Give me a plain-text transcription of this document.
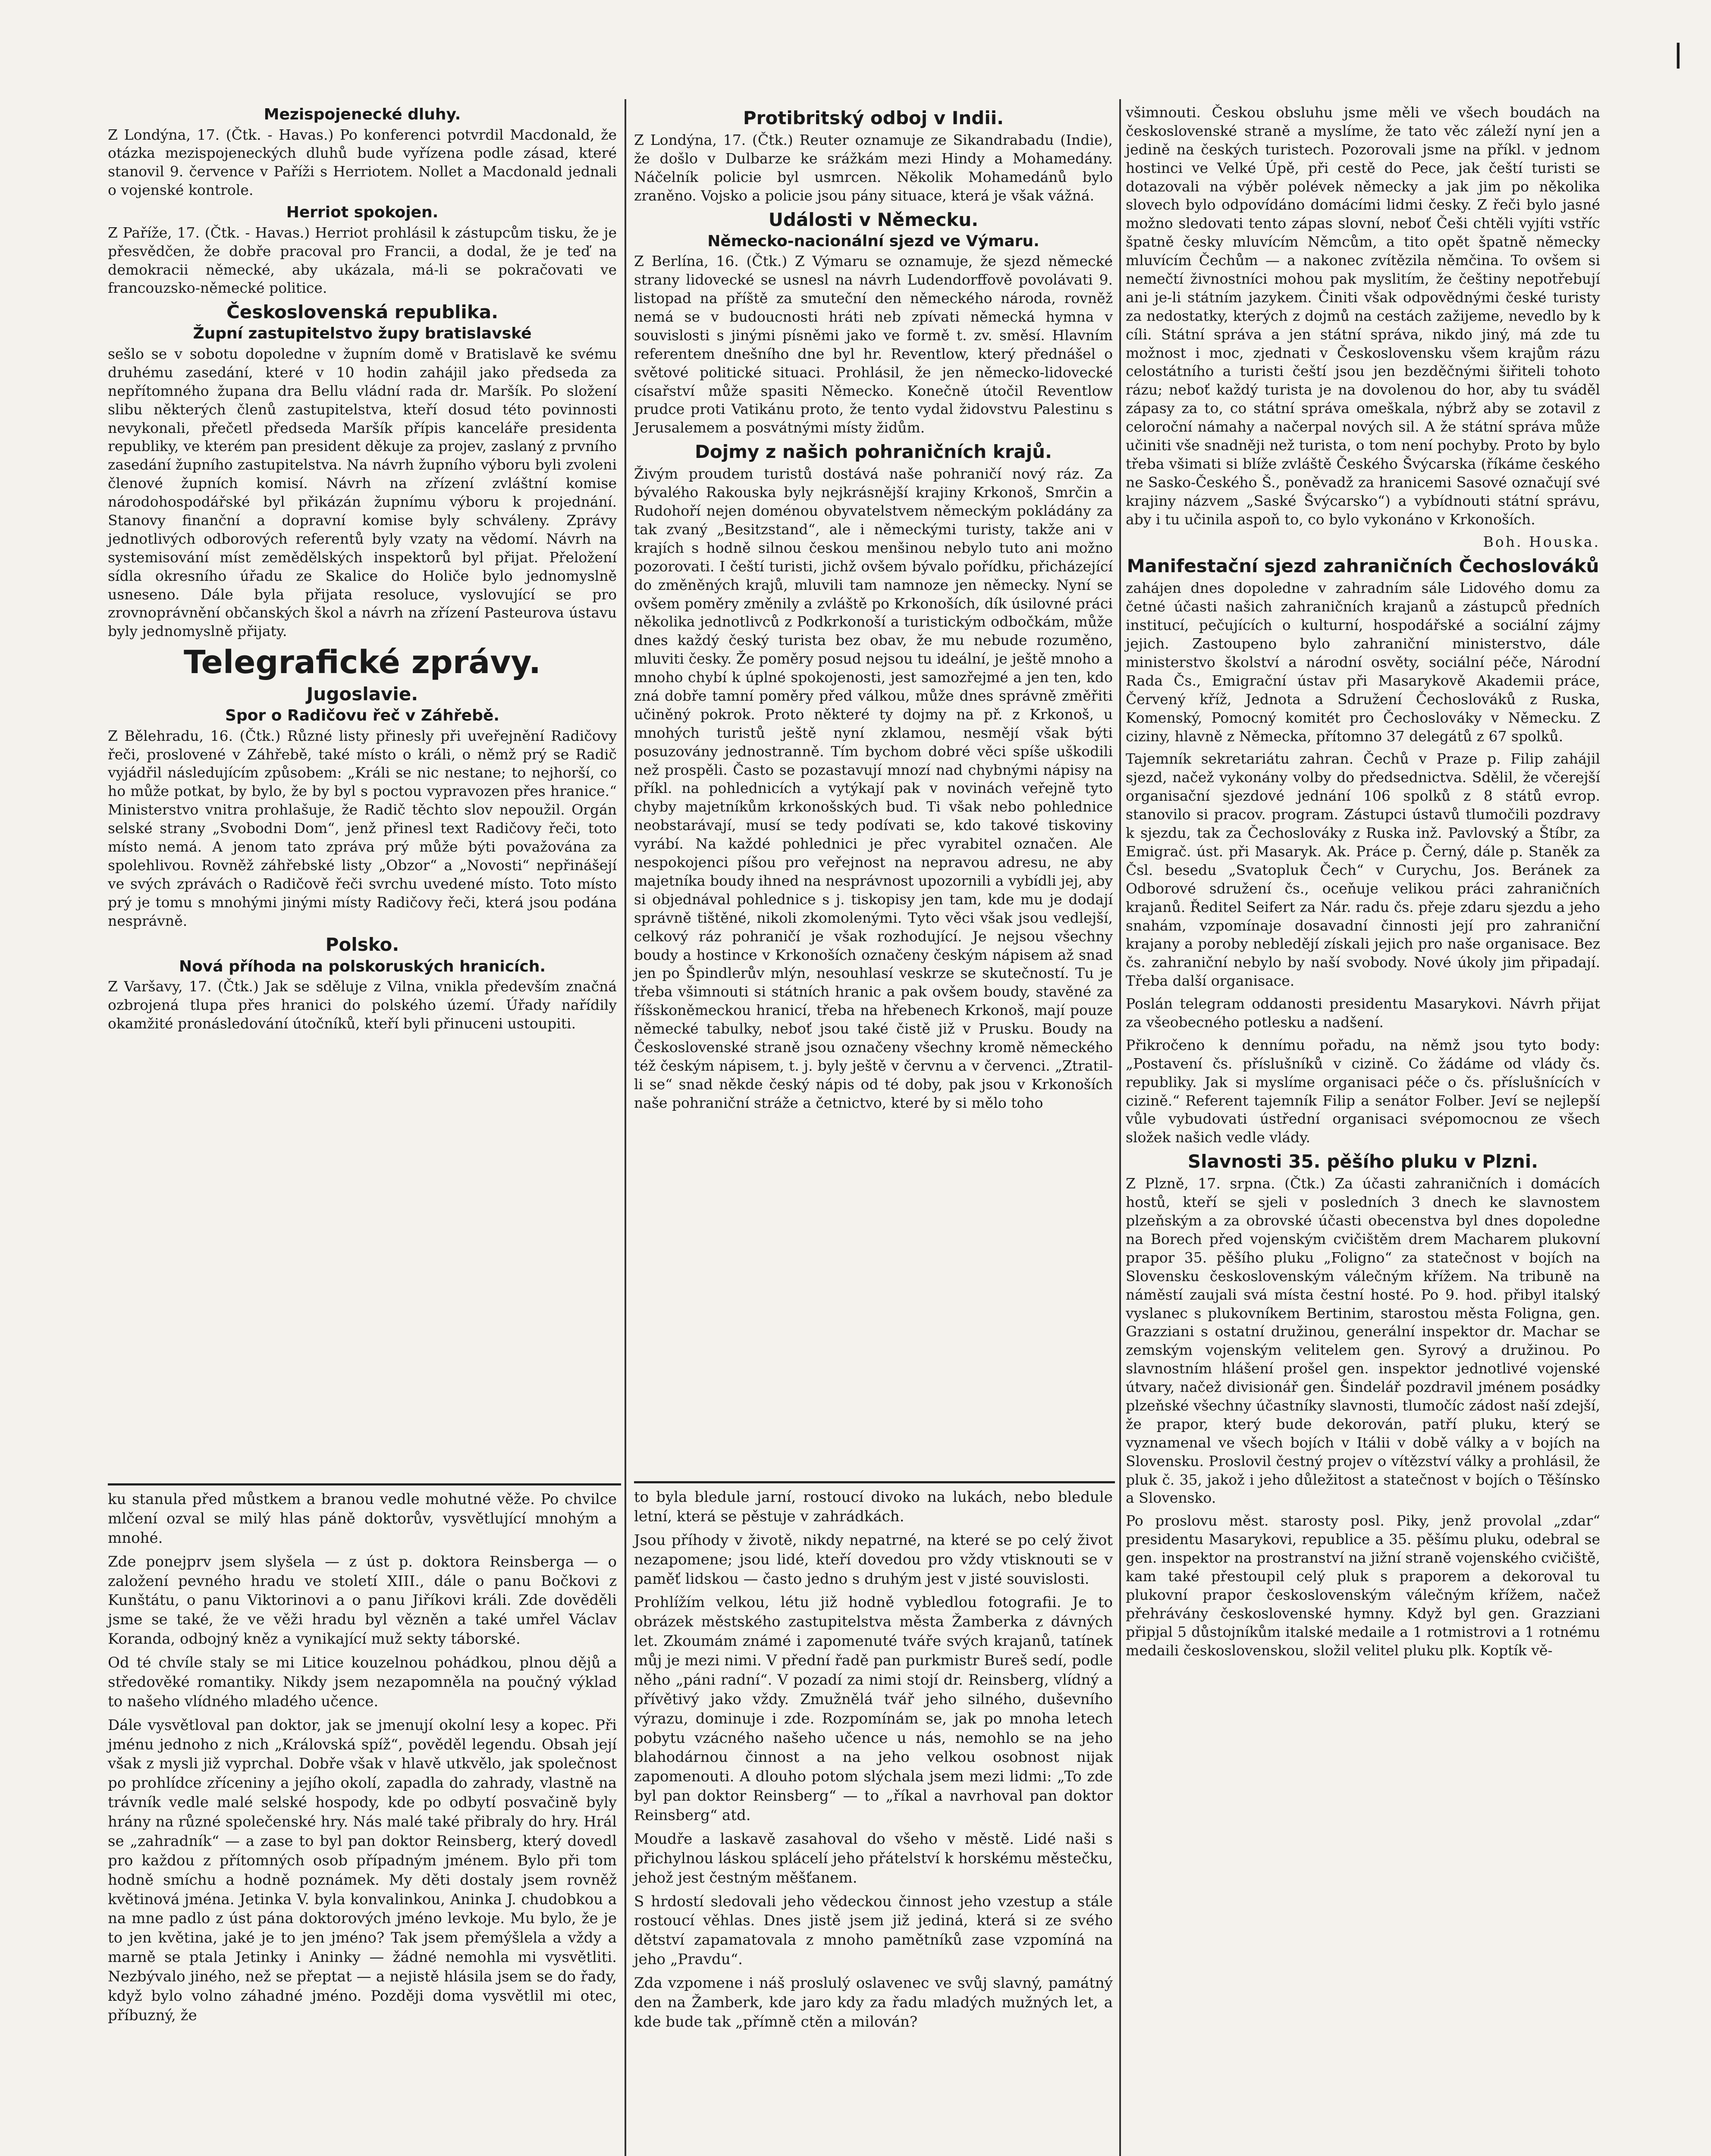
|
Mezispojenecké dluhy.

Z Londýna, 17. (Čtk. - Havas.) Po konferenci potvrdil Macdonald, že otázka mezispojeneckých dluhů bude vyřízena podle zásad, které stanovil 9. července v Paříži s Herriotem. Nollet a Macdonald jednali o vojenské kontrole.

Herriot spokojen.

Z Paříže, 17. (Čtk. - Havas.) Herriot prohlásil k zástupcům tisku, že je přesvědčen, že dobře pracoval pro Francii, a dodal, že je teď na demokracii německé, aby ukázala, má-li se pokračovati ve francouzsko-německé politice.

Československá republika.
Župní zastupitelstvo župy bratislavské

sešlo se v sobotu dopoledne v župním domě v Bratislavě ke svému druhému zasedání, které v 10 hodin zahájil jako předseda za nepřítomného župana dra Bellu vládní rada dr. Maršík. Po složení slibu některých členů zastupitelstva, kteří dosud této povinnosti nevykonali, přečetl předseda Maršík přípis kanceláře presidenta republiky, ve kterém pan president děkuje za projev, zaslaný z prvního zasedání župního zastupitelstva. Na návrh župního výboru byli zvoleni členové župních komisí. Návrh na zřízení zvláštní komise národohospodářské byl přikázán župnímu výboru k projednání. Stanovy finanční a dopravní komise byly schváleny. Zprávy jednotlivých odborových referentů byly vzaty na vědomí. Návrh na systemisování míst zemědělských inspektorů byl přijat. Přeložení sídla okresního úřadu ze Skalice do Holiče bylo jednomyslně usneseno. Dále byla přijata resoluce, vyslovující se pro zrovnoprávnění občanských škol a návrh na zřízení Pasteurova ústavu byly jednomyslně přijaty.

Telegrafické zprávy.
Jugoslavie.
Spor o Radičovu řeč v Záhřebě.

Z Bělehradu, 16. (Čtk.) Různé listy přinesly při uveřejnění Radičovy řeči, proslovené v Záhřebě, také místo o králi, o němž prý se Radič vyjádřil následujícím způsobem: „Králi se nic nestane; to nejhorší, co ho může potkat, by bylo, že by byl s poctou vypravozen přes hranice.“ Ministerstvo vnitra prohlašuje, že Radič těchto slov nepoužil. Orgán selské strany „Svobodni Dom“, jenž přinesl text Radičovy řeči, toto místo nemá. A jenom tato zpráva prý může býti považována za spolehlivou. Rovněž záhřebské listy „Obzor“ a „Novosti“ nepřinášejí ve svých zprávách o Radičově řeči svrchu uvedené místo. Toto místo prý je tomu s mnohými jinými místy Radičovy řeči, která jsou podána nesprávně.

Polsko.
Nová příhoda na polskoruských hranicích.

Z Varšavy, 17. (Čtk.) Jak se sděluje z Vilna, vnikla především značná ozbrojená tlupa přes hranici do polského území. Úřady nařídily okamžité pronásledování útočníků, kteří byli přinuceni ustoupiti.

Protibritský odboj v Indii.

Z Londýna, 17. (Čtk.) Reuter oznamuje ze Sikandrabadu (Indie), že došlo v Dulbarze ke srážkám mezi Hindy a Mohamedány. Náčelník policie byl usmrcen. Několik Mohamedánů bylo zraněno. Vojsko a policie jsou pány situace, která je však vážná.

Události v Německu.
Německo-nacionální sjezd ve Výmaru.

Z Berlína, 16. (Čtk.) Z Výmaru se oznamuje, že sjezd německé strany lidovecké se usnesl na návrh Ludendorffově povolávati 9. listopad na příště za smuteční den německého národa, rovněž nemá se v budoucnosti hráti neb zpívati německá hymna v souvislosti s jinými písněmi jako ve formě t. zv. směsí. Hlavním referentem dnešního dne byl hr. Reventlow, který přednášel o světové politické situaci. Prohlásil, že jen německo-lidovecké císařství může spasiti Německo. Konečně útočil Reventlow prudce proti Vatikánu proto, že tento vydal židovstvu Palestinu s Jerusalemem a posvátnými místy židům.

Dojmy z našich pohraničních krajů.

Živým proudem turistů dostává naše pohraničí nový ráz. Za bývalého Rakouska byly nejkrásnější krajiny Krkonoš, Smrčin a Rudohoří nejen doménou obyvatelstvem německým pokládány za tak zvaný „Besitzstand“, ale i německými turisty, takže ani v krajích s hodně silnou českou menšinou nebylo tuto ani možno pozorovati. I čeští turisti, jichž ovšem bývalo pořídku, přicházející do změněných krajů, mluvili tam namnoze jen německy. Nyní se ovšem poměry změnily a zvláště po Krkonoších, dík úsilovné práci několika jednotlivců z Podkrkonoší a turistickým odbočkám, může dnes každý český turista bez obav, že mu nebude rozuměno, mluviti česky. Že poměry posud nejsou tu ideální, je ještě mnoho a mnoho chybí k úplné spokojenosti, jest samozřejmé a jen ten, kdo zná dobře tamní poměry před válkou, může dnes správně změřiti učiněný pokrok. Proto některé ty dojmy na př. z Krkonoš, u mnohých turistů ještě nyní zklamou, nesmějí však býti posuzovány jednostranně. Tím bychom dobré věci spíše uškodili než prospěli. Často se pozastavují mnozí nad chybnými nápisy na příkl. na pohlednicích a vytýkají pak v novinách veřejně tyto chyby majetníkům krkonošských bud. Ti však nebo pohlednice neobstarávají, musí se tedy podívati se, kdo takové tiskoviny vyrábí. Na každé pohlednici je přec vyrabitel označen. Ale nespokojenci píšou pro veřejnost na nepravou adresu, ne aby majetníka boudy ihned na nesprávnost upozornili a vybídli jej, aby si objednával pohlednice s j. tiskopisy jen tam, kde mu je dodají správně tištěné, nikoli zkomolenými. Tyto věci však jsou vedlejší, celkový ráz pohraničí je však rozhodující. Je nejsou všechny boudy a hostince v Krkonoších označeny českým nápisem až snad jen po Špindlerův mlýn, nesouhlasí veskrze se skutečností. Tu je třeba všimnouti si státních hranic a pak ovšem boudy, stavěné za říšskoněmeckou hranicí, třeba na hřebenech Krkonoš, mají pouze německé tabulky, neboť jsou také čistě již v Prusku. Boudy na Československé straně jsou označeny všechny kromě německého též českým nápisem, t. j. byly ještě v červnu a v červenci. „Ztratil-li se“ snad někde český nápis od té doby, pak jsou v Krkonoších naše pohraniční stráže a četnictvo, které by si mělo toho

všimnouti. Českou obsluhu jsme měli ve všech boudách na československé straně a myslíme, že tato věc záleží nyní jen a jedině na českých turistech. Pozorovali jsme na příkl. v jednom hostinci ve Velké Úpě, při cestě do Pece, jak čeští turisti se dotazovali na výběr polévek německy a jak jim po několika slovech bylo odpovídáno domácími lidmi česky. Z řeči bylo jasné možno sledovati tento zápas slovní, neboť Češi chtěli vyjíti vstříc špatně česky mluvícím Němcům, a tito opět špatně německy mluvícím Čechům — a nakonec zvítězila němčina. To ovšem si nemečtí živnostníci mohou pak myslitím, že češtiny nepotřebují ani je-li státním jazykem. Činiti však odpovědnými české turisty za nedostatky, kterých z dojmů na cestách zažijeme, nevedlo by k cíli. Státní správa a jen státní správa, nikdo jiný, má zde tu možnost i moc, zjednati v Československu všem krajům rázu celostátního a turisti čeští jsou jen bezděčnými šiřiteli tohoto rázu; neboť každý turista je na dovolenou do hor, aby tu sváděl zápasy za to, co státní správa omeškala, nýbrž aby se zotavil z celoroční námahy a načerpal nových sil. A že státní správa může učiniti vše snadněji než turista, o tom není pochyby. Proto by bylo třeba všimati si blíže zvláště Českého Švýcarska (říkáme českého ne Sasko-Českého Š., poněvadž za hranicemi Sasové označují své krajiny názvem „Saské Švýcarsko“) a vybídnouti státní správu, aby i tu učinila aspoň to, co bylo vykonáno v Krkonoších.

Boh. Houska.

Manifestační sjezd zahraničních Čechoslováků

zahájen dnes dopoledne v zahradním sále Lidového domu za četné účasti našich zahraničních krajanů a zástupců předních institucí, pečujících o kulturní, hospodářské a sociální zájmy jejich. Zastoupeno bylo zahraniční ministerstvo, dále ministerstvo školství a národní osvěty, sociální péče, Národní Rada Čs., Emigrační ústav při Masarykově Akademii práce, Červený kříž, Jednota a Sdružení Čechoslováků z Ruska, Komenský, Pomocný komitét pro Čechoslováky v Německu. Z ciziny, hlavně z Německa, přítomno 37 delegátů z 67 spolků.

Tajemník sekretariátu zahran. Čechů v Praze p. Filip zahájil sjezd, načež vykonány volby do předsednictva. Sdělil, že včerejší organisační sjezdové jednání 106 spolků z 8 států evrop. stanovilo si pracov. program. Zástupci ústavů tlumočili pozdravy k sjezdu, tak za Čechoslováky z Ruska inž. Pavlovský a Štíbr, za Emigrač. úst. při Masaryk. Ak. Práce p. Černý, dále p. Staněk za Čsl. besedu „Svatopluk Čech“ v Curychu, Jos. Beránek za Odborové sdružení čs., oceňuje velikou práci zahraničních krajanů. Ředitel Seifert za Nár. radu čs. přeje zdaru sjezdu a jeho snahám, vzpomínaje dosavadní činnosti její pro zahraniční krajany a poroby nebledějí získali jejich pro naše organisace. Bez čs. zahraniční nebylo by naší svobody. Nové úkoly jim připadají. Třeba další organisace.

Poslán telegram oddanosti presidentu Masarykovi. Návrh přijat za všeobecného potlesku a nadšení.

Přikročeno k dennímu pořadu, na němž jsou tyto body: „Postavení čs. příslušníků v cizině. Co žádáme od vlády čs. republiky. Jak si myslíme organisaci péče o čs. příslušnících v cizině.“ Referent tajemník Filip a senátor Folber. Jeví se nejlepší vůle vybudovati ústřední organisaci svépomocnou ze všech složek našich vedle vlády.

Slavnosti 35. pěšího pluku v Plzni.

Z Plzně, 17. srpna. (Čtk.) Za účasti zahraničních i domácích hostů, kteří se sjeli v posledních 3 dnech ke slavnostem plzeňským a za obrovské účasti obecenstva byl dnes dopoledne na Borech před vojenským cvičištěm drem Macharem plukovní prapor 35. pěšího pluku „Foligno“ za statečnost v bojích na Slovensku československým válečným křížem. Na tribuně na náměstí zaujali svá místa čestní hosté. Po 9. hod. přibyl italský vyslanec s plukovníkem Bertinim, starostou města Foligna, gen. Grazziani s ostatní družinou, generální inspektor dr. Machar se zemským vojenským velitelem gen. Syrový a družinou. Po slavnostním hlášení prošel gen. inspektor jednotlivé vojenské útvary, načež divisionář gen. Šindelář pozdravil jménem posádky plzeňské všechny účastníky slavnosti, tlumočíc zádost naší zdejší, že prapor, který bude dekorován, patří pluku, který se vyznamenal ve všech bojích v Itálii v době války a v bojích na Slovensku. Proslovil čestný projev o vítězství války a prohlásil, že pluk č. 35, jakož i jeho důležitost a statečnost v bojích o Těšínsko a Slovensko.

Po proslovu měst. starosty posl. Piky, jenž provolal „zdar“ presidentu Masarykovi, republice a 35. pěšímu pluku, odebral se gen. inspektor na prostranství na jižní straně vojenského cvičiště, kam také přestoupil celý pluk s praporem a dekoroval tu plukovní prapor československým válečným křížem, načež přehrávány československé hymny. Když byl gen. Grazziani připjal 5 důstojníkům italské medaile a 1 rotmistrovi a 1 rotnému medaili československou, složil velitel pluku plk. Koptík vě-

ku stanula před můstkem a branou vedle mohutné věže. Po chvilce mlčení ozval se milý hlas páně doktorův, vysvětlující mnohým a mnohé.

Zde ponejprv jsem slyšela — z úst p. doktora Reinsberga — o založení pevného hradu ve století XIII., dále o panu Bočkovi z Kunštátu, o panu Viktorinovi a o panu Jiříkovi králi. Zde dověděli jsme se také, že ve věži hradu byl vězněn a také umřel Václav Koranda, odbojný kněz a vynikající muž sekty táborské.

Od té chvíle staly se mi Litice kouzelnou pohádkou, plnou dějů a středověké romantiky. Nikdy jsem nezapomněla na poučný výklad to našeho vlídného mladého učence.

Dále vysvětloval pan doktor, jak se jmenují okolní lesy a kopec. Při jménu jednoho z nich „Královská spíž“, pověděl legendu. Obsah její však z mysli již vyprchal. Dobře však v hlavě utkvělo, jak společnost po prohlídce zříceniny a jejího okolí, zapadla do zahrady, vlastně na trávník vedle malé selské hospody, kde po odbytí posvačině byly hrány na různé společenské hry. Nás malé také přibraly do hry. Hrál se „zahradník“ — a zase to byl pan doktor Reinsberg, který dovedl pro každou z přítomných osob případným jménem. Bylo při tom hodně smíchu a hodně poznámek. My děti dostaly jsem rovněž květinová jména. Jetinka V. byla konvalinkou, Aninka J. chudobkou a na mne padlo z úst pána doktorových jméno levkoje. Mu bylo, že je to jen květina, jaké je to jen jméno? Tak jsem přemýšlela a vždy a marně se ptala Jetinky i Aninky — žádné nemohla mi vysvětliti. Nezbývalo jiného, než se přeptat — a nejistě hlásila jsem se do řady, když bylo volno záhadné jméno. Později doma vysvětlil mi otec, příbuzný, že

to byla bledule jarní, rostoucí divoko na lukách, nebo bledule letní, která se pěstuje v zahrádkách.

Jsou příhody v životě, nikdy nepatrné, na které se po celý život nezapomene; jsou lidé, kteří dovedou pro vždy vtisknouti se v paměť lidskou — často jedno s druhým jest v jisté souvislosti.

Prohlížím velkou, létu již hodně vybledlou fotografii. Je to obrázek městského zastupitelstva města Žamberka z dávných let. Zkoumám známé i zapomenuté tváře svých krajanů, tatínek můj je mezi nimi. V přední řadě pan purkmistr Bureš sedí, podle něho „páni radní“. V pozadí za nimi stojí dr. Reinsberg, vlídný a přívětivý jako vždy. Zmužnělá tvář jeho silného, duševního výrazu, dominuje i zde. Rozpomínám se, jak po mnoha letech pobytu vzácného našeho učence u nás, nemohlo se na jeho blahodárnou činnost a na jeho velkou osobnost nijak zapomenouti. A dlouho potom slýchala jsem mezi lidmi: „To zde byl pan doktor Reinsberg“ — to „říkal a navrhoval pan doktor Reinsberg“ atd.

Moudře a laskavě zasahoval do všeho v městě. Lidé naši s přichylnou láskou splácelí jeho přátelství k horskému městečku, jehož jest čestným měšťanem.

S hrdostí sledovali jeho vědeckou činnost jeho vzestup a stále rostoucí věhlas. Dnes jistě jsem již jediná, která si ze svého dětství zapamatovala z mnoho pamětníků zase vzpomíná na jeho „Pravdu“.

Zda vzpomene i náš proslulý oslavenec ve svůj slavný, památný den na Žamberk, kde jaro kdy za řadu mladých mužných let, a kde bude tak „přímně ctěn a milován?
